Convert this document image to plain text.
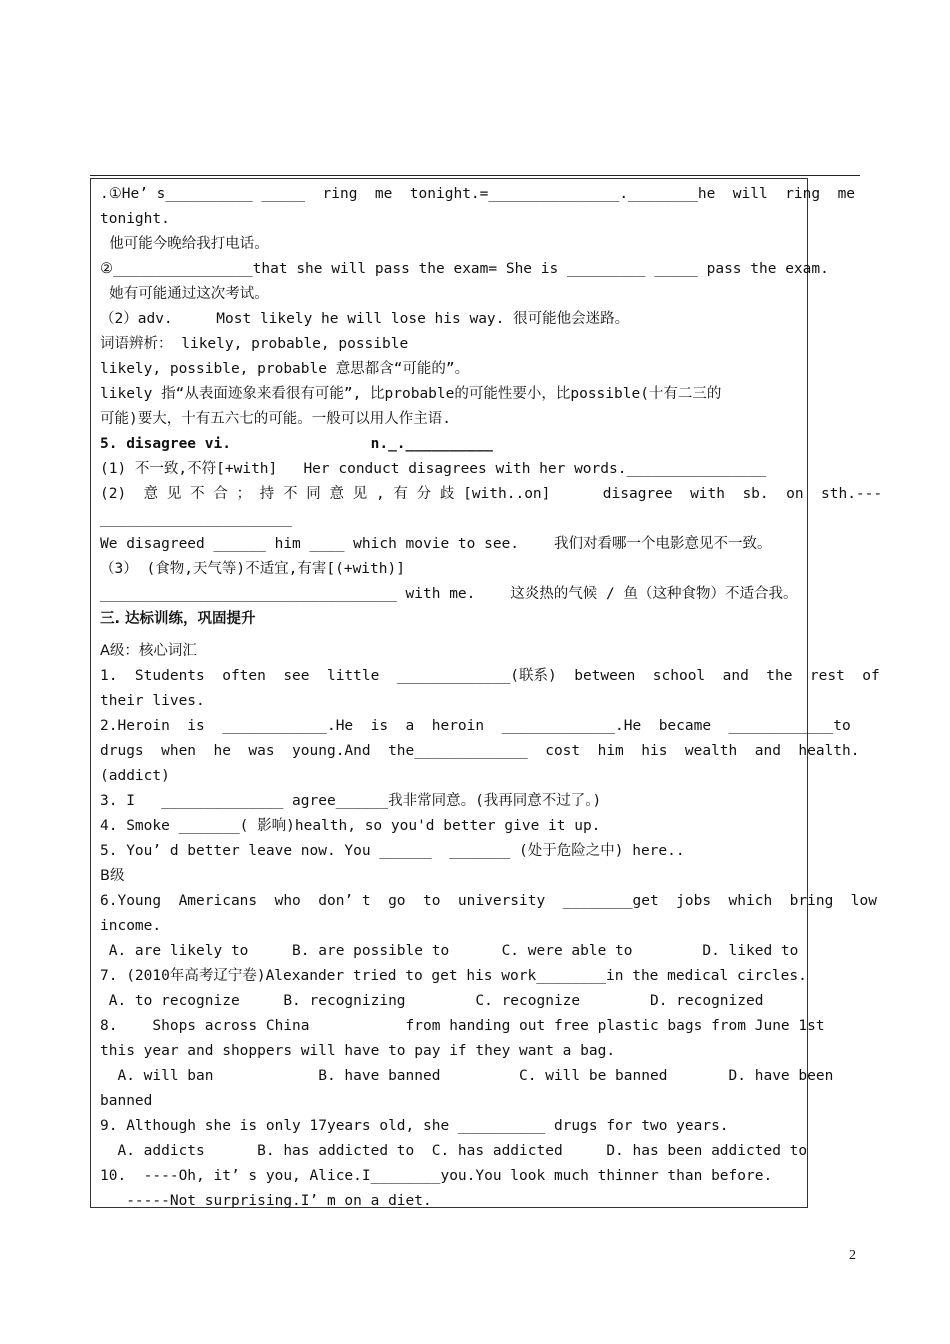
.①He’ s__________ _____  ring  me  tonight.=_______________.________he  will  ring  me
tonight.
他可能今晚给我打电话。
②________________that she will pass the exam= She is _________ _____ pass the exam.
她有可能通过这次考试。
（2）adv.     Most likely he will lose his way. 很可能他会迷路。
词语辨析： likely, probable, possible
likely, possible, probable 意思都含“可能的”。
likely 指“从表面迹象来看很有可能”, 比probable的可能性要小，比possible(十有二三的
可能)要大，十有五六七的可能。一般可以用人作主语.
5. disagree vi.                n._.__________
(1) 不一致,不符[+with]   Her conduct disagrees with her words.________________
(2)  意 见 不 合 ； 持 不 同 意 见 , 有 分 歧 [with..on]      disagree  with  sb.  on  sth.---
______________________
We disagreed ______ him ____ which movie to see.    我们对看哪一个电影意见不一致。
（3） (食物,天气等)不适宜,有害[(+with)]
__________________________________ with me.    这炎热的气候 / 鱼（这种食物）不适合我。
三. 达标训练，巩固提升
A级：核心词汇
1.  Students  often  see  little  _____________(联系)  between  school  and  the  rest  of
their lives.
2.Heroin  is  ____________.He  is  a  heroin  _____________.He  became  ____________to
drugs  when  he  was  young.And  the_____________  cost  him  his  wealth  and  health.
(addict)
3. I   ______________ agree______我非常同意。(我再同意不过了。)
4. Smoke _______( 影响)health, so you'd better give it up.
5. You’ d better leave now. You ______  _______ (处于危险之中) here..
B级
6.Young  Americans  who  don’ t  go  to  university  ________get  jobs  which  bring  low
income.
A. are likely to     B. are possible to      C. were able to        D. liked to
7. (2010年高考辽宁卷)Alexander tried to get his work________in the medical circles.
A. to recognize     B. recognizing        C. recognize        D. recognized
8.    Shops across China           from handing out free plastic bags from June 1st
this year and shoppers will have to pay if they want a bag.
A. will ban            B. have banned         C. will be banned       D. have been
banned
9. Although she is only 17years old, she __________ drugs for two years.
A. addicts      B. has addicted to  C. has addicted     D. has been addicted to
10.  ----Oh, it’ s you, Alice.I________you.You look much thinner than before.
-----Not surprising.I’ m on a diet.
2
